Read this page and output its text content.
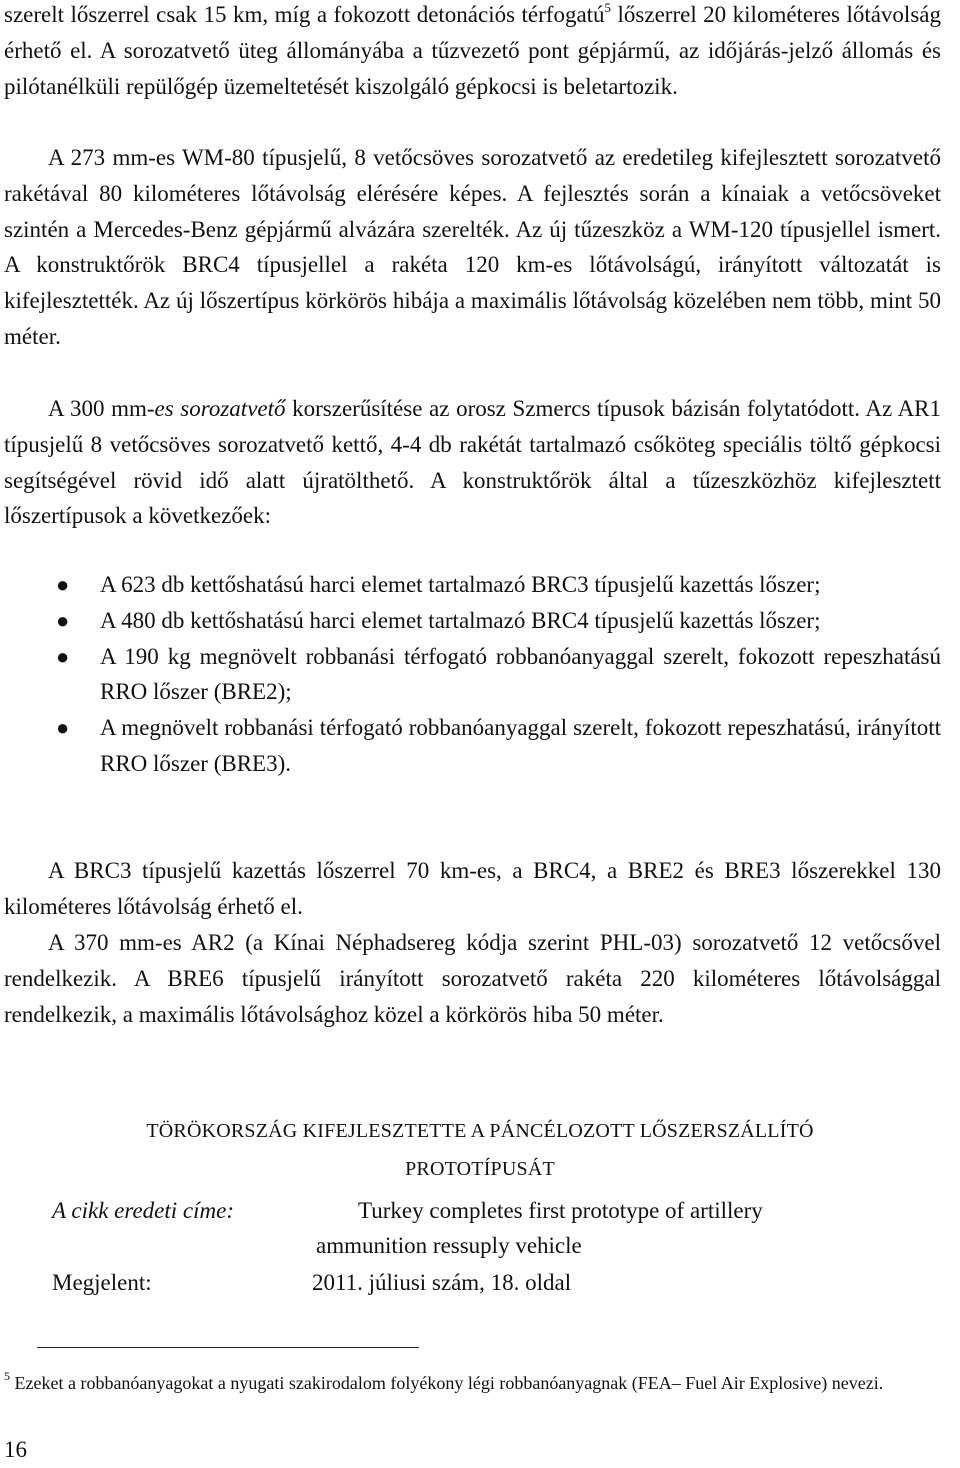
szerelt lőszerrel csak 15 km, míg a fokozott detonációs térfogatú$^5$ lőszerrel 20 kilométeres lőtávolság érhető el. A sorozatvető üteg állományába a tűzvezető pont gépjármű, az időjárás-jelző állomás és pilótanélküli repülőgép üzemeltetését kiszolgáló gépkocsi is beletartozik.

A 273 mm-es WM-80 típusjelű, 8 vetőcsöves sorozatvető az eredetileg kifejlesztett sorozatvető rakétával 80 kilométeres lőtávolság elérésére képes. A fejlesztés során a kínaiak a vetőcsöveket szintén a Mercedes-Benz gépjármű alvázára szerelték. Az új tűzeszköz a WM-120 típusjellel ismert. A konstruktőrök BRC4 típusjellel a rakéta 120 km-es lőtávolságú, irányított változatát is kifejlesztették. Az új lőszertípus körkörös hibája a maximális lőtávolság közelében nem több, mint 50 méter.

A 300 mm-es sorozatvető korszerűsítése az orosz Szmercs típusok bázisán folytatódott. Az AR1 típusjelű 8 vetőcsöves sorozatvető kettő, 4-4 db rakétát tartalmazó csőköteg speciális töltő gépkocsi segítségével rövid idő alatt újratölthető. A konstruktőrök által a tűzeszközhöz kifejlesztett lőszertípusok a következőek:

● A 623 db kettőshatású harci elemet tartalmazó BRC3 típusjelű kazettás lőszer;
● A 480 db kettőshatású harci elemet tartalmazó BRC4 típusjelű kazettás lőszer;
● A 190 kg megnövelt robbanási térfogató robbanóanyaggal szerelt, fokozott repeszhatású RRO lőszer (BRE2);
● A megnövelt robbanási térfogató robbanóanyaggal szerelt, fokozott repeszhatású, irányított RRO lőszer (BRE3).

A BRC3 típusjelű kazettás lőszerrel 70 km-es, a BRC4, a BRE2 és BRE3 lőszerekkel 130 kilométeres lőtávolság érhető el.

A 370 mm-es AR2 (a Kínai Néphadsereg kódja szerint PHL-03) sorozatvető 12 vetőcsővel rendelkezik. A BRE6 típusjelű irányított sorozatvető rakéta 220 kilométeres lőtávolsággal rendelkezik, a maximális lőtávolsághoz közel a körkörös hiba 50 méter.

TÖRÖKORSZÁG KIFEJLESZTETTE A PÁNCÉLOZOTT LŐSZERSZÁLLÍTÓ
PROTOTÍPUSÁT
A cikk eredeti címe:	Turkey completes first prototype of artillery
ammunition ressuply vehicle
Megjelent:	2011. júliusi szám, 18. oldal

$^5$ Ezeket a robbanóanyagokat a nyugati szakirodalom folyékony légi robbanóanyagnak (FEA– Fuel Air Explosive) nevezi.

16
